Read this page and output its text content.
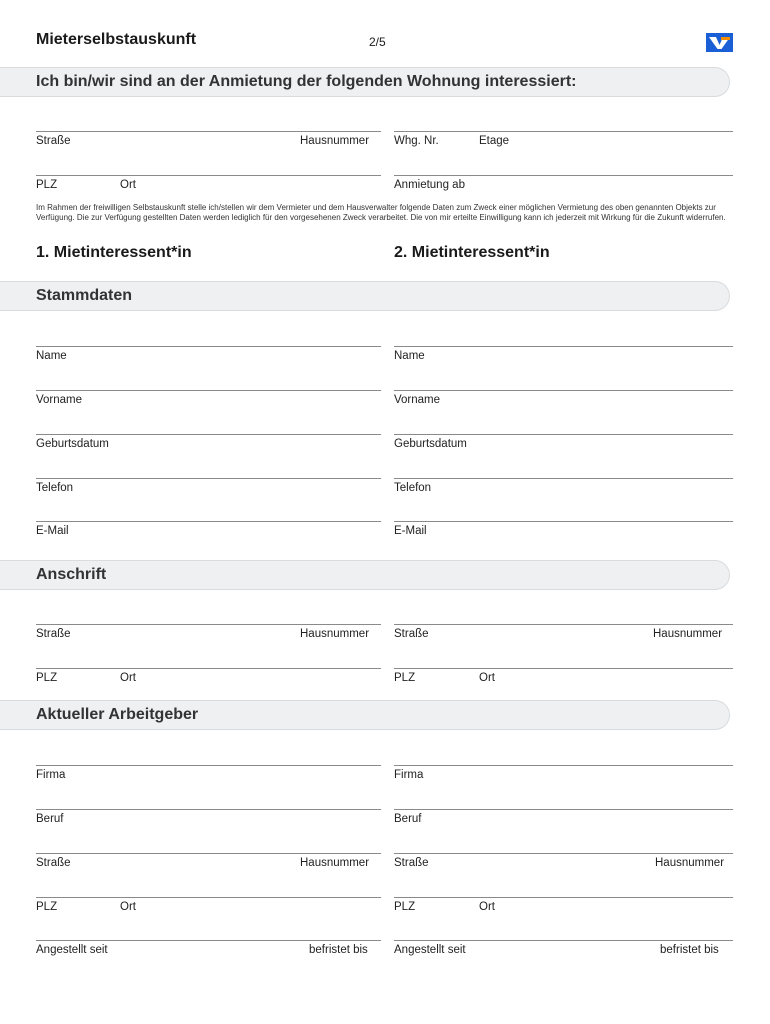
Mieterselbstauskunft	2/5
Ich bin/wir sind an der Anmietung der folgenden Wohnung interessiert:
Straße	Hausnummer Whg. Nr.	Etage
PLZ	Ort	Anmietung ab
Im Rahmen der freiwilligen Selbstauskunft stelle ich/stellen wir dem Vermieter und dem Hausverwalter folgende Daten zum Zweck einer möglichen Vermietung des oben genannten Objekts zur Verfügung. Die zur Verfügung gestellten Daten werden lediglich für den vorgesehenen Zweck verarbeitet. Die von mir erteilte Einwilligung kann ich jederzeit mit Wirkung für die Zukunft widerrufen.
1. Mietinteressent*in	2. Mietinteressent*in
Stammdaten
Name	Name
Vorname	Vorname
Geburtsdatum	Geburtsdatum
Telefon	Telefon
E-Mail	E-Mail
Anschrift
Straße	Hausnummer Straße	Hausnummer
PLZ	Ort	PLZ	Ort
Aktueller Arbeitgeber
Firma	Firma
Beruf	Beruf
Straße	Hausnummer Straße	Hausnummer
PLZ	Ort	PLZ	Ort
Angestellt seit	befristet bis Angestellt seit	befristet bis
